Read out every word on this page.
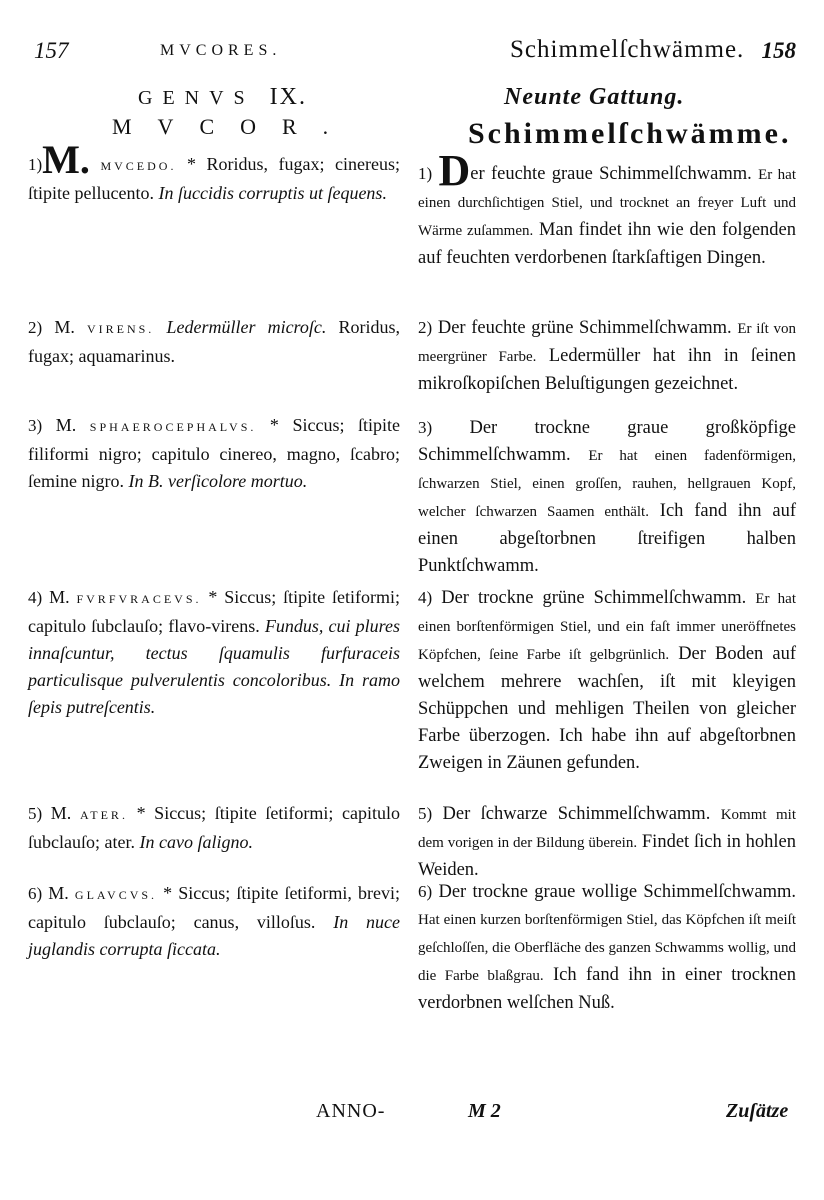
157	MVCORES.
GENVS IX.
MVCOR.
1)M. MVCEDO. * Roridus, fugax; cinereus; ſtipite pellucento. In ſuccidis corruptis ut ſequens.
2) M. VIRENS. Ledermüller microſc. Roridus, fugax; aquamarinus.
3) M. SPHAEROCEPHALVS. * Siccus; ſtipite filiformi nigro; capitulo cinereo, magno, ſcabro; ſemine nigro. In B. verſicolore mortuo.
4) M. FVRFVRACEVS. * Siccus; ſtipite ſetiformi; capitulo ſubclauſo; flavo-virens. Fundus, cui plures innaſcuntur, tectus ſquamulis furfuraceis particulisque pulverulentis concoloribus. In ramo ſepis putreſcentis.
5) M. ATER. * Siccus; ſtipite ſetiformi; capitulo ſubclauſo; ater. In cavo ſaligno.
6) M. GLAVCVS. * Siccus; ſtipite ſetiformi, brevi; capitulo ſubclauſo; canus, villoſus. In nuce juglandis corrupta ſiccata.
Schimmelſchwämme. 158
Neunte Gattung.
Schimmelſchwämme.
1) Der feuchte graue Schimmelſchwamm. Er hat einen durchſichtigen Stiel, und trocknet an freyer Luft und Wärme zuſammen. Man findet ihn wie den folgenden auf feuchten verdorbenen ſtarkſaftigen Dingen.
2) Der feuchte grüne Schimmelſchwamm. Er iſt von meergrüner Farbe. Ledermüller hat ihn in ſeinen mikroſkopiſchen Beluſtigungen gezeichnet.
3) Der trockne graue großköpfige Schimmelſchwamm. Er hat einen fadenförmigen, ſchwarzen Stiel, einen groſſen, rauhen, hellgrauen Kopf, welcher ſchwarzen Saamen enthält. Ich fand ihn auf einen abgeſtorbnen ſtreifigen halben Punktſchwamm.
4) Der trockne grüne Schimmelſchwamm. Er hat einen borſtenförmigen Stiel, und ein faſt immer uneröffnetes Köpfchen, ſeine Farbe iſt gelbgrünlich. Der Boden auf welchem mehrere wachſen, iſt mit kleyigen Schüppchen und mehligen Theilen von gleicher Farbe überzogen. Ich habe ihn auf abgeſtorbnen Zweigen in Zäunen gefunden.
5) Der ſchwarze Schimmelſchwamm. Kommt mit dem vorigen in der Bildung überein. Findet ſich in hohlen Weiden.
6) Der trockne graue wollige Schimmelſchwamm. Hat einen kurzen borſtenförmigen Stiel, das Köpfchen iſt meiſt geſchloſſen, die Oberfläche des ganzen Schwamms wollig, und die Farbe blaßgrau. Ich fand ihn in einer trocknen verdorbnen welſchen Nuß.
ANNO-	M 2	Zuſätze
